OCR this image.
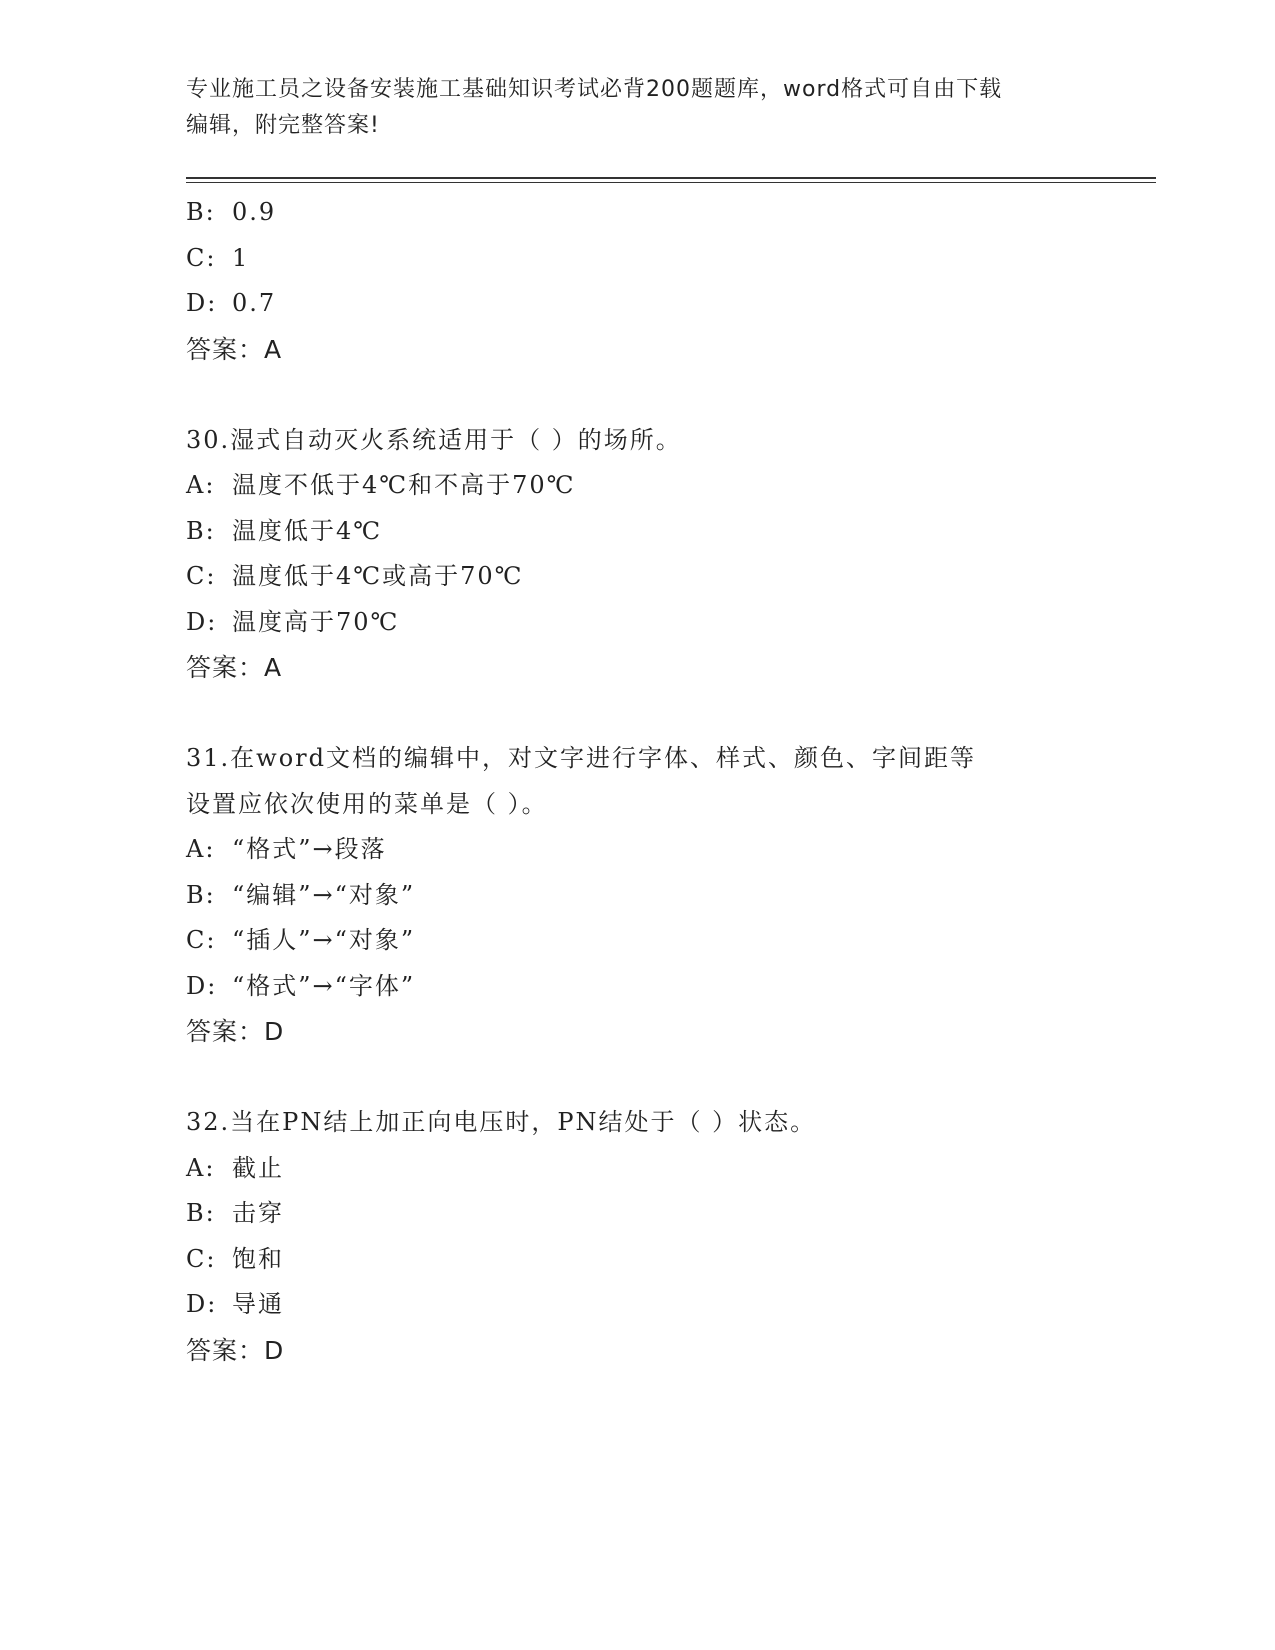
专业施工员之设备安装施工基础知识考试必背200题题库，word格式可自由下载
编辑，附完整答案!
B: 0.9
C: 1
D: 0.7
答案：A
30.湿式自动灭火系统适用于（ ）的场所。
A: 温度不低于4℃和不高于70℃
B: 温度低于4℃
C: 温度低于4℃或高于70℃
D: 温度高于70℃
答案：A
31.在word文档的编辑中，对文字进行字体、样式、颜色、字间距等
设置应依次使用的菜单是（ ）。
A: “格式”→段落
B: “编辑”→“对象”
C: “插人”→“对象”
D: “格式”→“字体”
答案：D
32.当在PN结上加正向电压时，PN结处于（ ）状态。
A: 截止
B: 击穿
C: 饱和
D: 导通
答案：D
